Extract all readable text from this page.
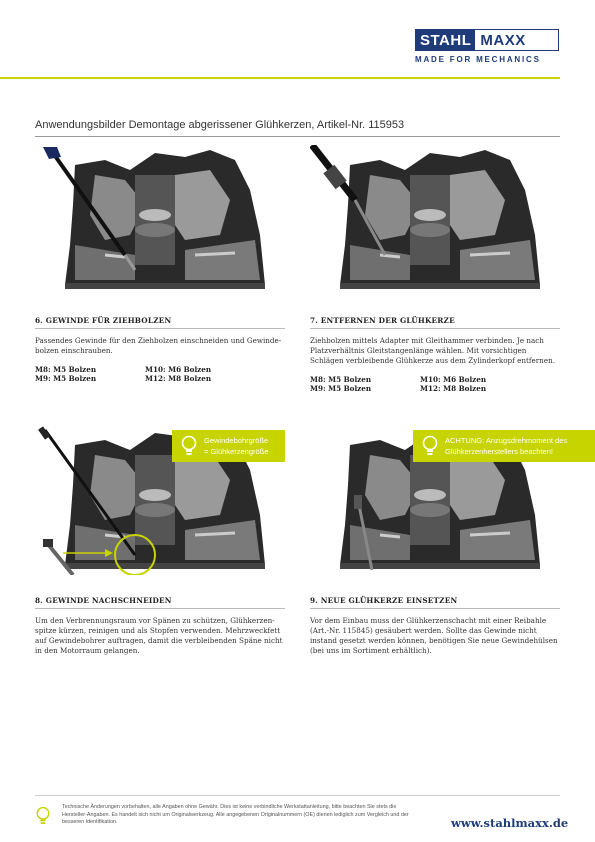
STAHL MAXX
MADE FOR MECHANICS
Anwendungsbilder Demontage abgerissener Glühkerzen, Artikel-Nr. 115953
6. GEWINDE FÜR ZIEHBOLZEN
Passendes Gewinde für den Ziehbolzen einschneiden und Gewinde-bolzen einschrauben.
M8: M5 Bolzen	M10: M6 Bolzen
M9: M5 Bolzen	M12: M8 Bolzen
7. ENTFERNEN DER GLÜHKERZE
Ziehbolzen mittels Adapter mit Gleithammer verbinden. Je nach Platzverhältnis Gleitstangenlänge wählen. Mit vorsichtigen Schlägen verbleibende Glühkerze aus dem Zylinderkopf entfernen.
M8: M5 Bolzen	M10: M6 Bolzen
M9: M5 Bolzen	M12: M8 Bolzen
Gewindebohrgröße
= Glühkerzengröße
ACHTUNG: Anzugsdrehmoment des
Glühkerzenherstellers beachten!
8. GEWINDE NACHSCHNEIDEN
Um den Verbrennungsraum vor Spänen zu schützen, Glühkerzen-spitze kürzen, reinigen und als Stopfen verwenden. Mehrzweckfett auf Gewindebohrer auftragen, damit die verbleibenden Späne nicht in den Motorraum gelangen.
9. NEUE GLÜHKERZE EINSETZEN
Vor dem Einbau muss der Glühkerzenschacht mit einer Reibahle (Art.-Nr. 115845) gesäubert werden. Sollte das Gewinde nicht instand gesetzt werden können, benötigen Sie neue Gewindehülsen (bei uns im Sortiment erhältlich).
Technische Änderungen vorbehalten, alle Angaben ohne Gewähr. Dies ist keine verbindliche Werkstattanleitung, bitte beachten Sie stets die Hersteller-Angaben. Es handelt sich nicht um Originalwerkzeug. Alle angegebenen Originalnummern (OE) dienen lediglich zum Vergleich und der besseren Identifikation.	www.stahlmaxx.de
